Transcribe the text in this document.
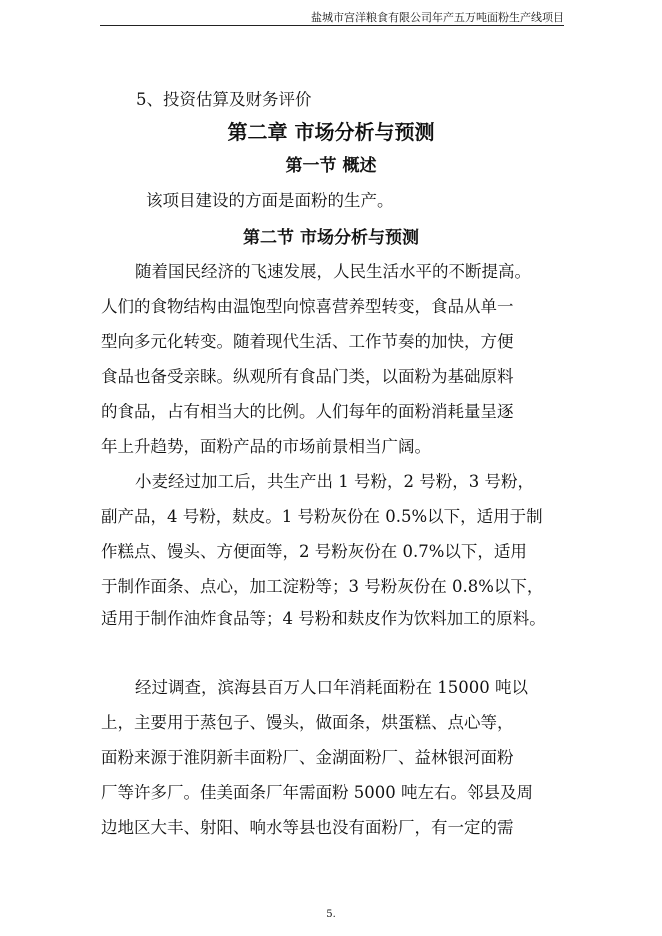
盐城市宫洋粮食有限公司年产五万吨面粉生产线项目
5、投资估算及财务评价
第二章 市场分析与预测
第一节 概述
该项目建设的方面是面粉的生产。
第二节 市场分析与预测
随着国民经济的飞速发展，人民生活水平的不断提高。
人们的食物结构由温饱型向惊喜营养型转变，食品从单一
型向多元化转变。随着现代生活、工作节奏的加快，方便
食品也备受亲睐。纵观所有食品门类，以面粉为基础原料
的食品，占有相当大的比例。人们每年的面粉消耗量呈逐
年上升趋势，面粉产品的市场前景相当广阔。
小麦经过加工后，共生产出 1 号粉，2 号粉，3 号粉，
副产品，4 号粉，麸皮。1 号粉灰份在 0.5%以下，适用于制
作糕点、馒头、方便面等，2 号粉灰份在 0.7%以下，适用
于制作面条、点心，加工淀粉等；3 号粉灰份在 0.8%以下，
适用于制作油炸食品等；4 号粉和麸皮作为饮料加工的原料。
经过调查，滨海县百万人口年消耗面粉在 15000 吨以
上，主要用于蒸包子、馒头，做面条，烘蛋糕、点心等，
面粉来源于淮阴新丰面粉厂、金湖面粉厂、益林银河面粉
厂等许多厂。佳美面条厂年需面粉 5000 吨左右。邻县及周
边地区大丰、射阳、响水等县也没有面粉厂，有一定的需
5.
